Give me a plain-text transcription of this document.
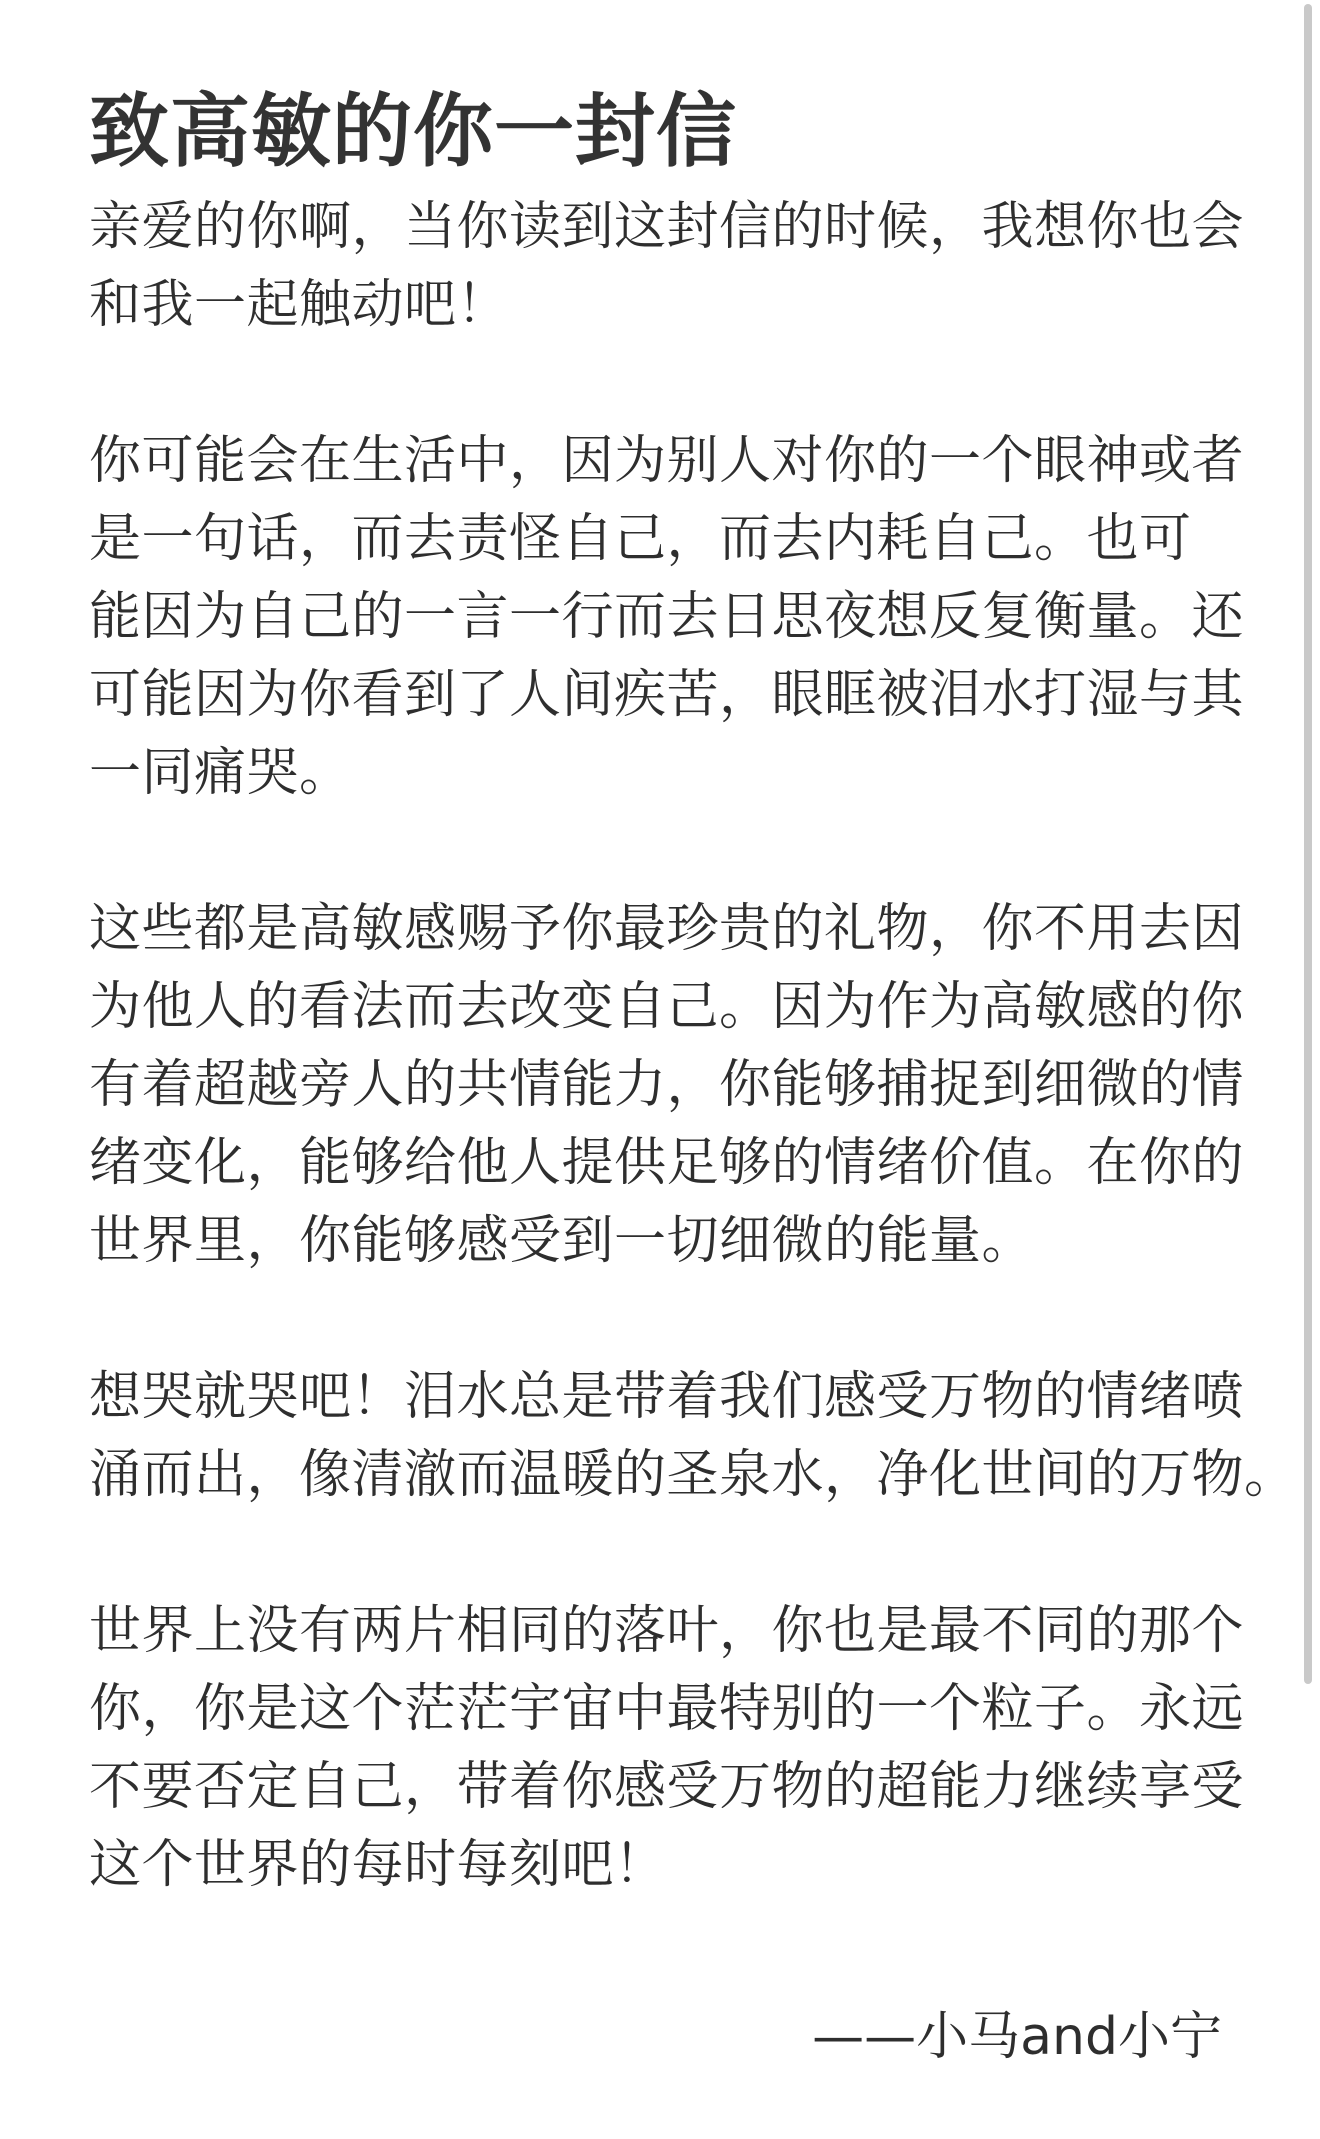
致高敏的你一封信
亲爱的你啊，当你读到这封信的时候，我想你也会
和我一起触动吧！
你可能会在生活中，因为别人对你的一个眼神或者
是一句话，而去责怪自己，而去内耗自己。也可
能因为自己的一言一行而去日思夜想反复衡量。还
可能因为你看到了人间疾苦，眼眶被泪水打湿与其
一同痛哭。
这些都是高敏感赐予你最珍贵的礼物，你不用去因
为他人的看法而去改变自己。因为作为高敏感的你
有着超越旁人的共情能力，你能够捕捉到细微的情
绪变化，能够给他人提供足够的情绪价值。在你的
世界里，你能够感受到一切细微的能量。
想哭就哭吧！泪水总是带着我们感受万物的情绪喷
涌而出，像清澈而温暖的圣泉水，净化世间的万物。
世界上没有两片相同的落叶，你也是最不同的那个
你，你是这个茫茫宇宙中最特别的一个粒子。永远
不要否定自己，带着你感受万物的超能力继续享受
这个世界的每时每刻吧！
——小马and小宁
